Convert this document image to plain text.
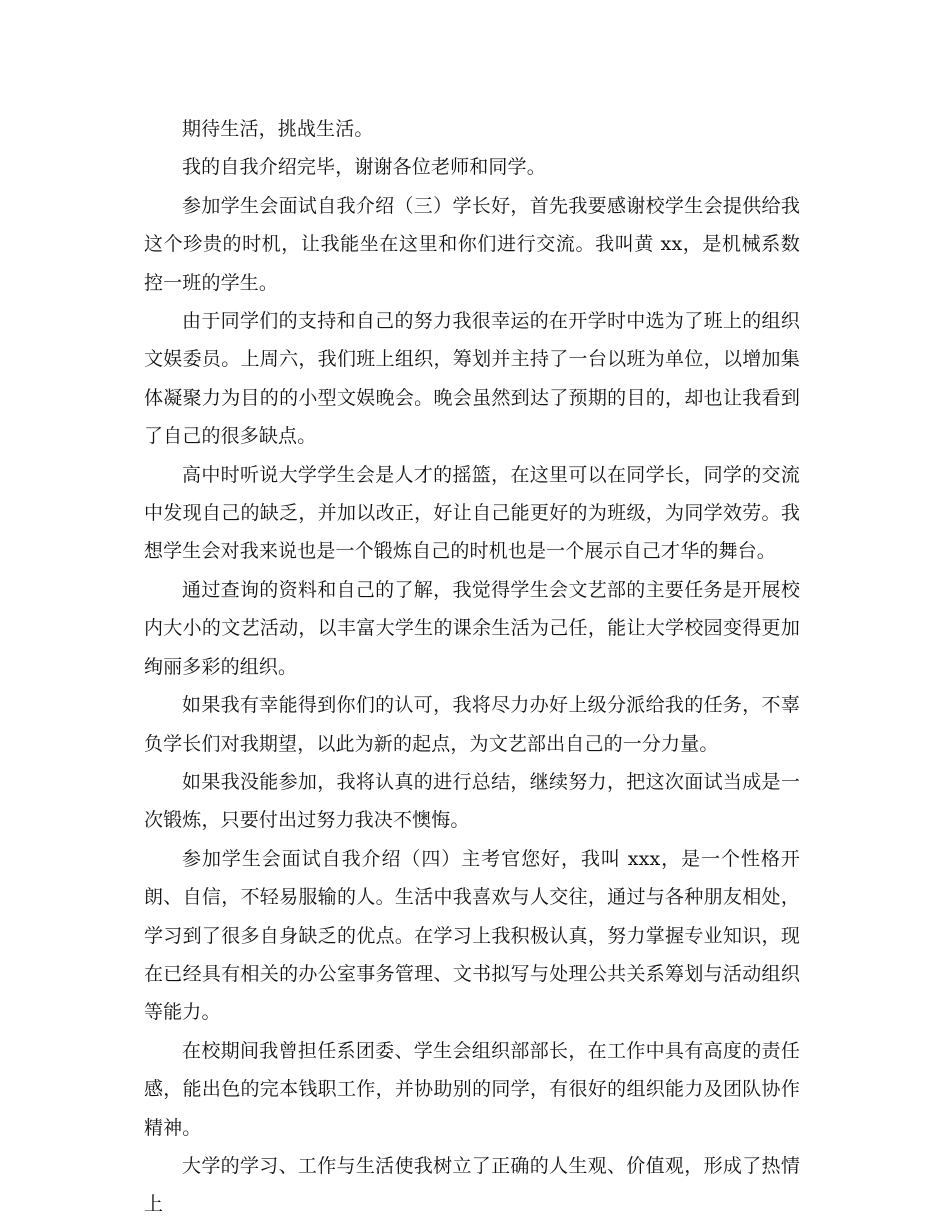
期待生活，挑战生活。

我的自我介绍完毕，谢谢各位老师和同学。

参加学生会面试自我介绍（三）学长好，首先我要感谢校学生会提供给我这个珍贵的时机，让我能坐在这里和你们进行交流。我叫黄 xx，是机械系数控一班的学生。

由于同学们的支持和自己的努力我很幸运的在开学时中选为了班上的组织文娱委员。上周六，我们班上组织，筹划并主持了一台以班为单位，以增加集体凝聚力为目的的小型文娱晚会。晚会虽然到达了预期的目的，却也让我看到了自己的很多缺点。

高中时听说大学学生会是人才的摇篮，在这里可以在同学长，同学的交流中发现自己的缺乏，并加以改正，好让自己能更好的为班级，为同学效劳。我想学生会对我来说也是一个锻炼自己的时机也是一个展示自己才华的舞台。

通过查询的资料和自己的了解，我觉得学生会文艺部的主要任务是开展校内大小的文艺活动，以丰富大学生的课余生活为己任，能让大学校园变得更加绚丽多彩的组织。

如果我有幸能得到你们的认可，我将尽力办好上级分派给我的任务，不辜负学长们对我期望，以此为新的起点，为文艺部出自己的一分力量。

如果我没能参加，我将认真的进行总结，继续努力，把这次面试当成是一次锻炼，只要付出过努力我决不懊悔。

参加学生会面试自我介绍（四）主考官您好，我叫 xxx，是一个性格开朗、自信，不轻易服输的人。生活中我喜欢与人交往，通过与各种朋友相处，学习到了很多自身缺乏的优点。在学习上我积极认真，努力掌握专业知识，现在已经具有相关的办公室事务管理、文书拟写与处理公共关系筹划与活动组织等能力。

在校期间我曾担任系团委、学生会组织部部长，在工作中具有高度的责任感，能出色的完本钱职工作，并协助别的同学，有很好的组织能力及团队协作精神。

大学的学习、工作与生活使我树立了正确的人生观、价值观，形成了热情上
